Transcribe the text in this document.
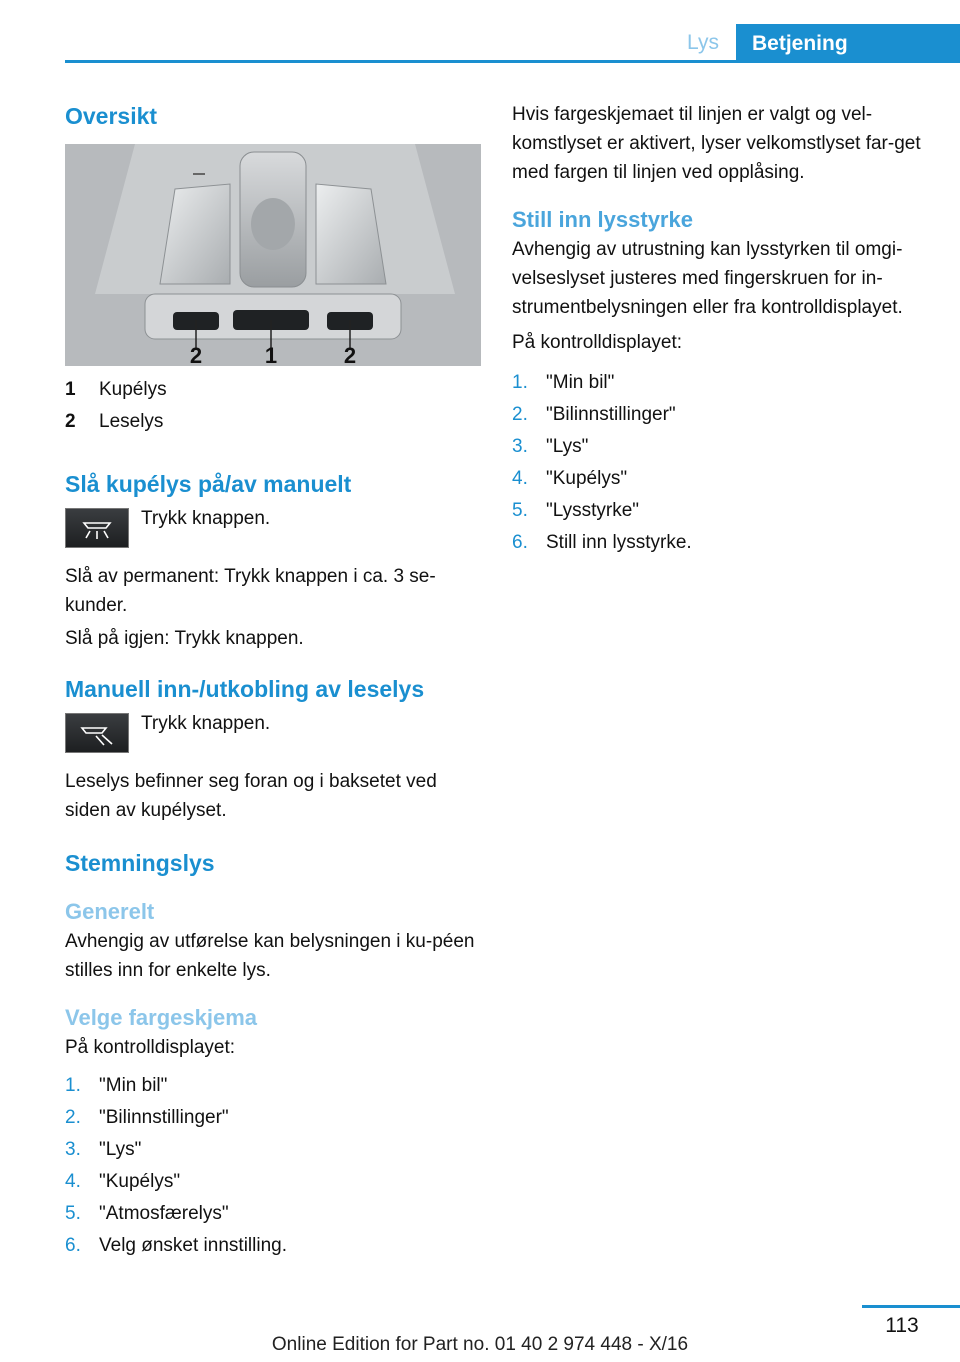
Lys	Betjening
Oversikt
2	1	2
1	Kupélys
2	Leselys
Slå kupélys på/av manuelt

Trykk knappen.

Slå av permanent: Trykk knappen i ca. 3 se‐kunder.

Slå på igjen: Trykk knappen.

Manuell inn-/utkobling av leselys

Trykk knappen.

Leselys befinner seg foran og i baksetet ved siden av kupélyset.

Stemningslys
Generelt

Avhengig av utførelse kan belysningen i ku‐péen stilles inn for enkelte lys.

Velge fargeskjema

På kontrolldisplayet:

1. "Min bil"
2. "Bilinnstillinger"
3. "Lys"
4. "Kupélys"
5. "Atmosfærelys"
6. Velg ønsket innstilling.

Hvis fargeskjemaet til linjen er valgt og vel‐komstlyset er aktivert, lyser velkomstlyset far‐get med fargen til linjen ved opplåsing.

Still inn lysstyrke

Avhengig av utrustning kan lysstyrken til omgi‐velseslyset justeres med fingerskruen for in‐strumentbelysningen eller fra kontrolldisplayet.

På kontrolldisplayet:

1. "Min bil"
2. "Bilinnstillinger"
3. "Lys"
4. "Kupélys"
5. "Lysstyrke"
6. Still inn lysstyrke.
113
Online Edition for Part no. 01 40 2 974 448 - X/16
